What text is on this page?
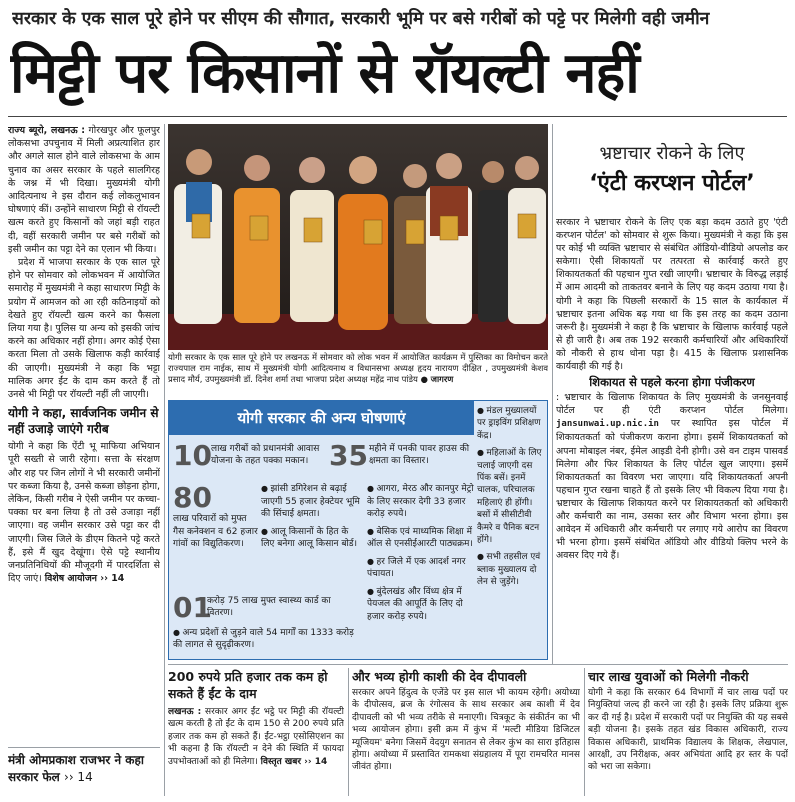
सरकार के एक साल पूरे होने पर सीएम की सौगात, सरकारी भूमि पर बसे गरीबों को पट्टे पर मिलेगी वही जमीन
मिट्टी पर किसानों से रॉयल्टी नहीं
राज्य ब्यूरो, लखनऊ : गोरखपुर और फूलपुर लोकसभा उपचुनाव में मिली अप्रत्याशित हार और अगले साल होने वाले लोकसभा के आम चुनाव का असर सरकार के पहले सालगिरह के जश्न में भी दिखा। मुख्यमंत्री योगी आदित्यनाथ ने इस दौरान कई लोकलुभावन घोषणाएं कीं। उन्होंने साधारण मिट्टी से रॉयल्टी खत्म करते हुए किसानों को जहां बड़ी राहत दी, वहीं सरकारी जमीन पर बसे गरीबों को इसी जमीन का पट्टा देने का एलान भी किया।
प्रदेश में भाजपा सरकार के एक साल पूरे होने पर सोमवार को लोकभवन में आयोजित समारोह में मुख्यमंत्री ने कहा साधारण मिट्टी के प्रयोग में आमजन को आ रही कठिनाइयों को देखते हुए रॉयल्टी खत्म करने का फैसला लिया गया है। पुलिस या अन्य को इसकी जांच करने का अधिकार नहीं होगा। अगर कोई ऐसा करता मिला तो उसके खिलाफ कड़ी कार्रवाई की जाएगी। मुख्यमंत्री ने कहा कि भट्टा मालिक अगर ईंट के दाम कम करते हैं तो उनसे भी मिट्टी पर रॉयल्टी नहीं ली जाएगी।
योगी ने कहा, सार्वजनिक जमीन से नहीं उजाड़े जाएंगे गरीब
योगी ने कहा कि ऐंटी भू माफिया अभियान पूरी सख्ती से जारी रहेगा। सत्ता के संरक्षण और शह पर जिन लोगों ने भी सरकारी जमीनों पर कब्जा किया है, उनसे कब्जा छोड़ना होगा, लेकिन, किसी गरीब ने ऐसी जमीन पर कच्चा-पक्का घर बना लिया है तो उसे उजाड़ा नहीं जाएगा। वह जमीन सरकार उसे पट्टा कर दी जाएगी। जिस जिले के डीएम कितने पट्टे करते हैं, इसे मैं खुद देखूंगा। ऐसे पट्टे स्थानीय जनप्रतिनिधियों की मौजूदगी में पारदर्शिता से दिए जाएं। विशेष आयोजन ›› 14
मंत्री ओमप्रकाश राजभर ने कहा सरकार फेल ›› 14
योगी सरकार के एक साल पूरे होने पर लखनऊ में सोमवार को लोक भवन में आयोजित कार्यक्रम में पुस्तिका का विमोचन करते राज्यपाल राम नाईक, साथ में मुख्यमंत्री योगी आदित्यनाथ व विधानसभा अध्यक्ष हृदय नारायण दीक्षित , उपमुख्यमंत्री केशव प्रसाद मौर्य, उपमुख्यमंत्री डॉ. दिनेश शर्मा तथा भाजपा प्रदेश अध्यक्ष महेंद्र नाथ पांडेय ● जागरण
योगी सरकार की अन्य घोषणाएं
10 लाख गरीबों को प्रधानमंत्री आवास योजना के तहत पक्का मकान। 35 महीने में पनकी पावर हाउस की क्षमता का विस्तार।
80
लाख परिवारों को मुफ्त गैस कनेक्शन व 62 हजार गांवों का विद्युतिकरण।
● झांसी डगिरेशन से बढ़ाई जाएगी 55 हजार हेक्टेयर भूमि की सिंचाई क्षमता।
● आलू किसानों के हित के लिए बनेगा आलू किसान बोर्ड।
● आगरा, मेरठ और कानपुर मेट्रो के लिए सरकार देगी 33 हजार करोड़ रुपये।
● बेसिक एवं माध्यमिक शिक्षा में ऑल से एनसीईआरटी पाठ्यक्रम।
● हर जिले में एक आदर्श नगर पंचायत।
● बुंदेलखंड और विंध्य क्षेत्र में पेयजल की आपूर्ति के लिए दो हजार करोड़ रुपये।
01
करोड़ 75 लाख मुफ्त स्वास्थ्य कार्ड का वितरण।
● अन्य प्रदेशों से जुड़ने वाले 54 मार्गों का 1333 करोड़ की लागत से सुदृढ़ीकरण।
● मंडल मुख्यालयों पर ड्राइविंग प्रशिक्षण केंद्र।
● महिलाओं के लिए चलाई जाएगी दस पिंक बसें। इनमें चालक, परिचालक महिलाएं ही होंगी। बसों में सीसीटीवी कैमरे व पैनिक बटन होंगे।
● सभी तहसील एवं ब्लाक मुख्यालय दो लेन से जुड़ेंगे।
भ्रष्टाचार रोकने के लिए
‘एंटी करप्शन पोर्टल’
सरकार ने भ्रष्टाचार रोकने के लिए एक बड़ा कदम उठाते हुए 'एंटी करप्शन पोर्टल' को सोमवार से शुरू किया। मुख्यमंत्री ने कहा कि इस पर कोई भी व्यक्ति भ्रष्टाचार से संबंधित ऑडियो-वीडियो अपलोड कर सकेगा। ऐसी शिकायतों पर तत्परता से कार्रवाई करते हुए शिकायतकर्ता की पहचान गुप्त रखी जाएगी। भ्रष्टाचार के विरुद्ध लड़ाई में आम आदमी को ताकतवर बनाने के लिए यह कदम उठाया गया है। योगी ने कहा कि पिछली सरकारों के 15 साल के कार्यकाल में भ्रष्टाचार इतना अधिक बढ़ गया था कि इस तरह का कदम उठाना जरूरी है। मुख्यमंत्री ने कहा है कि भ्रष्टाचार के खिलाफ कार्रवाई पहले से ही जारी है। अब तक 192 सरकारी कर्मचारियों और अधिकारियों को नौकरी से हाथ धोना पड़ा है। 415 के खिलाफ प्रशासनिक कार्यवाही की गई है।
शिकायत से पहले करना होगा पंजीकरण
: भ्रष्टाचार के खिलाफ शिकायत के लिए मुख्यमंत्री के जनसुनवाई पोर्टल पर ही एंटी करप्शन पोर्टल मिलेगा। jansunwai.up.nic.in पर स्थापित इस पोर्टल में शिकायतकर्ता को पंजीकरण कराना होगा। इसमें शिकायतकर्ता को अपना मोबाइल नंबर, ईमेल आइडी देनी होगी। उसे वन टाइम पासवर्ड मिलेगा और फिर शिकायत के लिए पोर्टल खुल जाएगा। इसमें शिकायतकर्ता का विवरण भरा जाएगा। यदि शिकायतकर्ता अपनी पहचान गुप्त रखना चाहते हैं तो इसके लिए भी विकल्प दिया गया है। भ्रष्टाचार के खिलाफ शिकायत करने पर शिकायतकर्ता को अधिकारी और कर्मचारी का नाम, उसका स्तर और विभाग भरना होगा। इस आवेदन में अधिकारी और कर्मचारी पर लगाए गये आरोप का विवरण भी भरना होगा। इसमें संबंधित ऑडियो और वीडियो क्लिप भरने के अवसर दिए गये हैं।
200 रुपये प्रति हजार तक कम हो सकते हैं ईंट के दाम
लखनऊ : सरकार अगर ईंट भट्ठे पर मिट्टी की रॉयल्टी खत्म करती है तो ईंट के दाम 150 से 200 रुपये प्रति हजार तक कम हो सकते हैं। ईंट-भट्ठा एसोसिएशन का भी कहना है कि रॉयल्टी न देने की स्थिति में फायदा उपभोक्ताओं को ही मिलेगा। विस्तृत खबर ›› 14
और भव्य होगी काशी की देव दीपावली
सरकार अपने हिंदुत्व के एजेंडे पर इस साल भी कायम रहेगी। अयोध्या के दीपोत्सव, ब्रज के रंगोत्सव के साथ सरकार अब काशी में देव दीपावली को भी भव्य तरीके से मनाएगी। चित्रकूट के संकीर्तन का भी भव्य आयोजन होगा। इसी क्रम में कुंभ में 'मल्टी मीडिया डिजिटल म्यूजियम' बनेगा जिसमें वेदयुग सनातन से लेकर कुंभ का सारा इतिहास होगा। अयोध्या में प्रस्तावित रामकथा संग्रहालय में पूरा रामचरित मानस जीवंत होगा।
चार लाख युवाओं को मिलेगी नौकरी
योगी ने कहा कि सरकार 64 विभागों में चार लाख पदों पर नियुक्तियां जल्द ही करने जा रही है। इसके लिए प्रक्रिया शुरू कर दी गई है। प्रदेश में सरकारी पदों पर नियुक्ति की यह सबसे बड़ी योजना है। इसके तहत खंड विकास अधिकारी, राज्य विकास अधिकारी, प्राथमिक विद्यालय के शिक्षक, लेखपाल, आरक्षी, उप निरीक्षक, अवर अभियंता आदि हर स्तर के पदों को भरा जा सकेगा।
